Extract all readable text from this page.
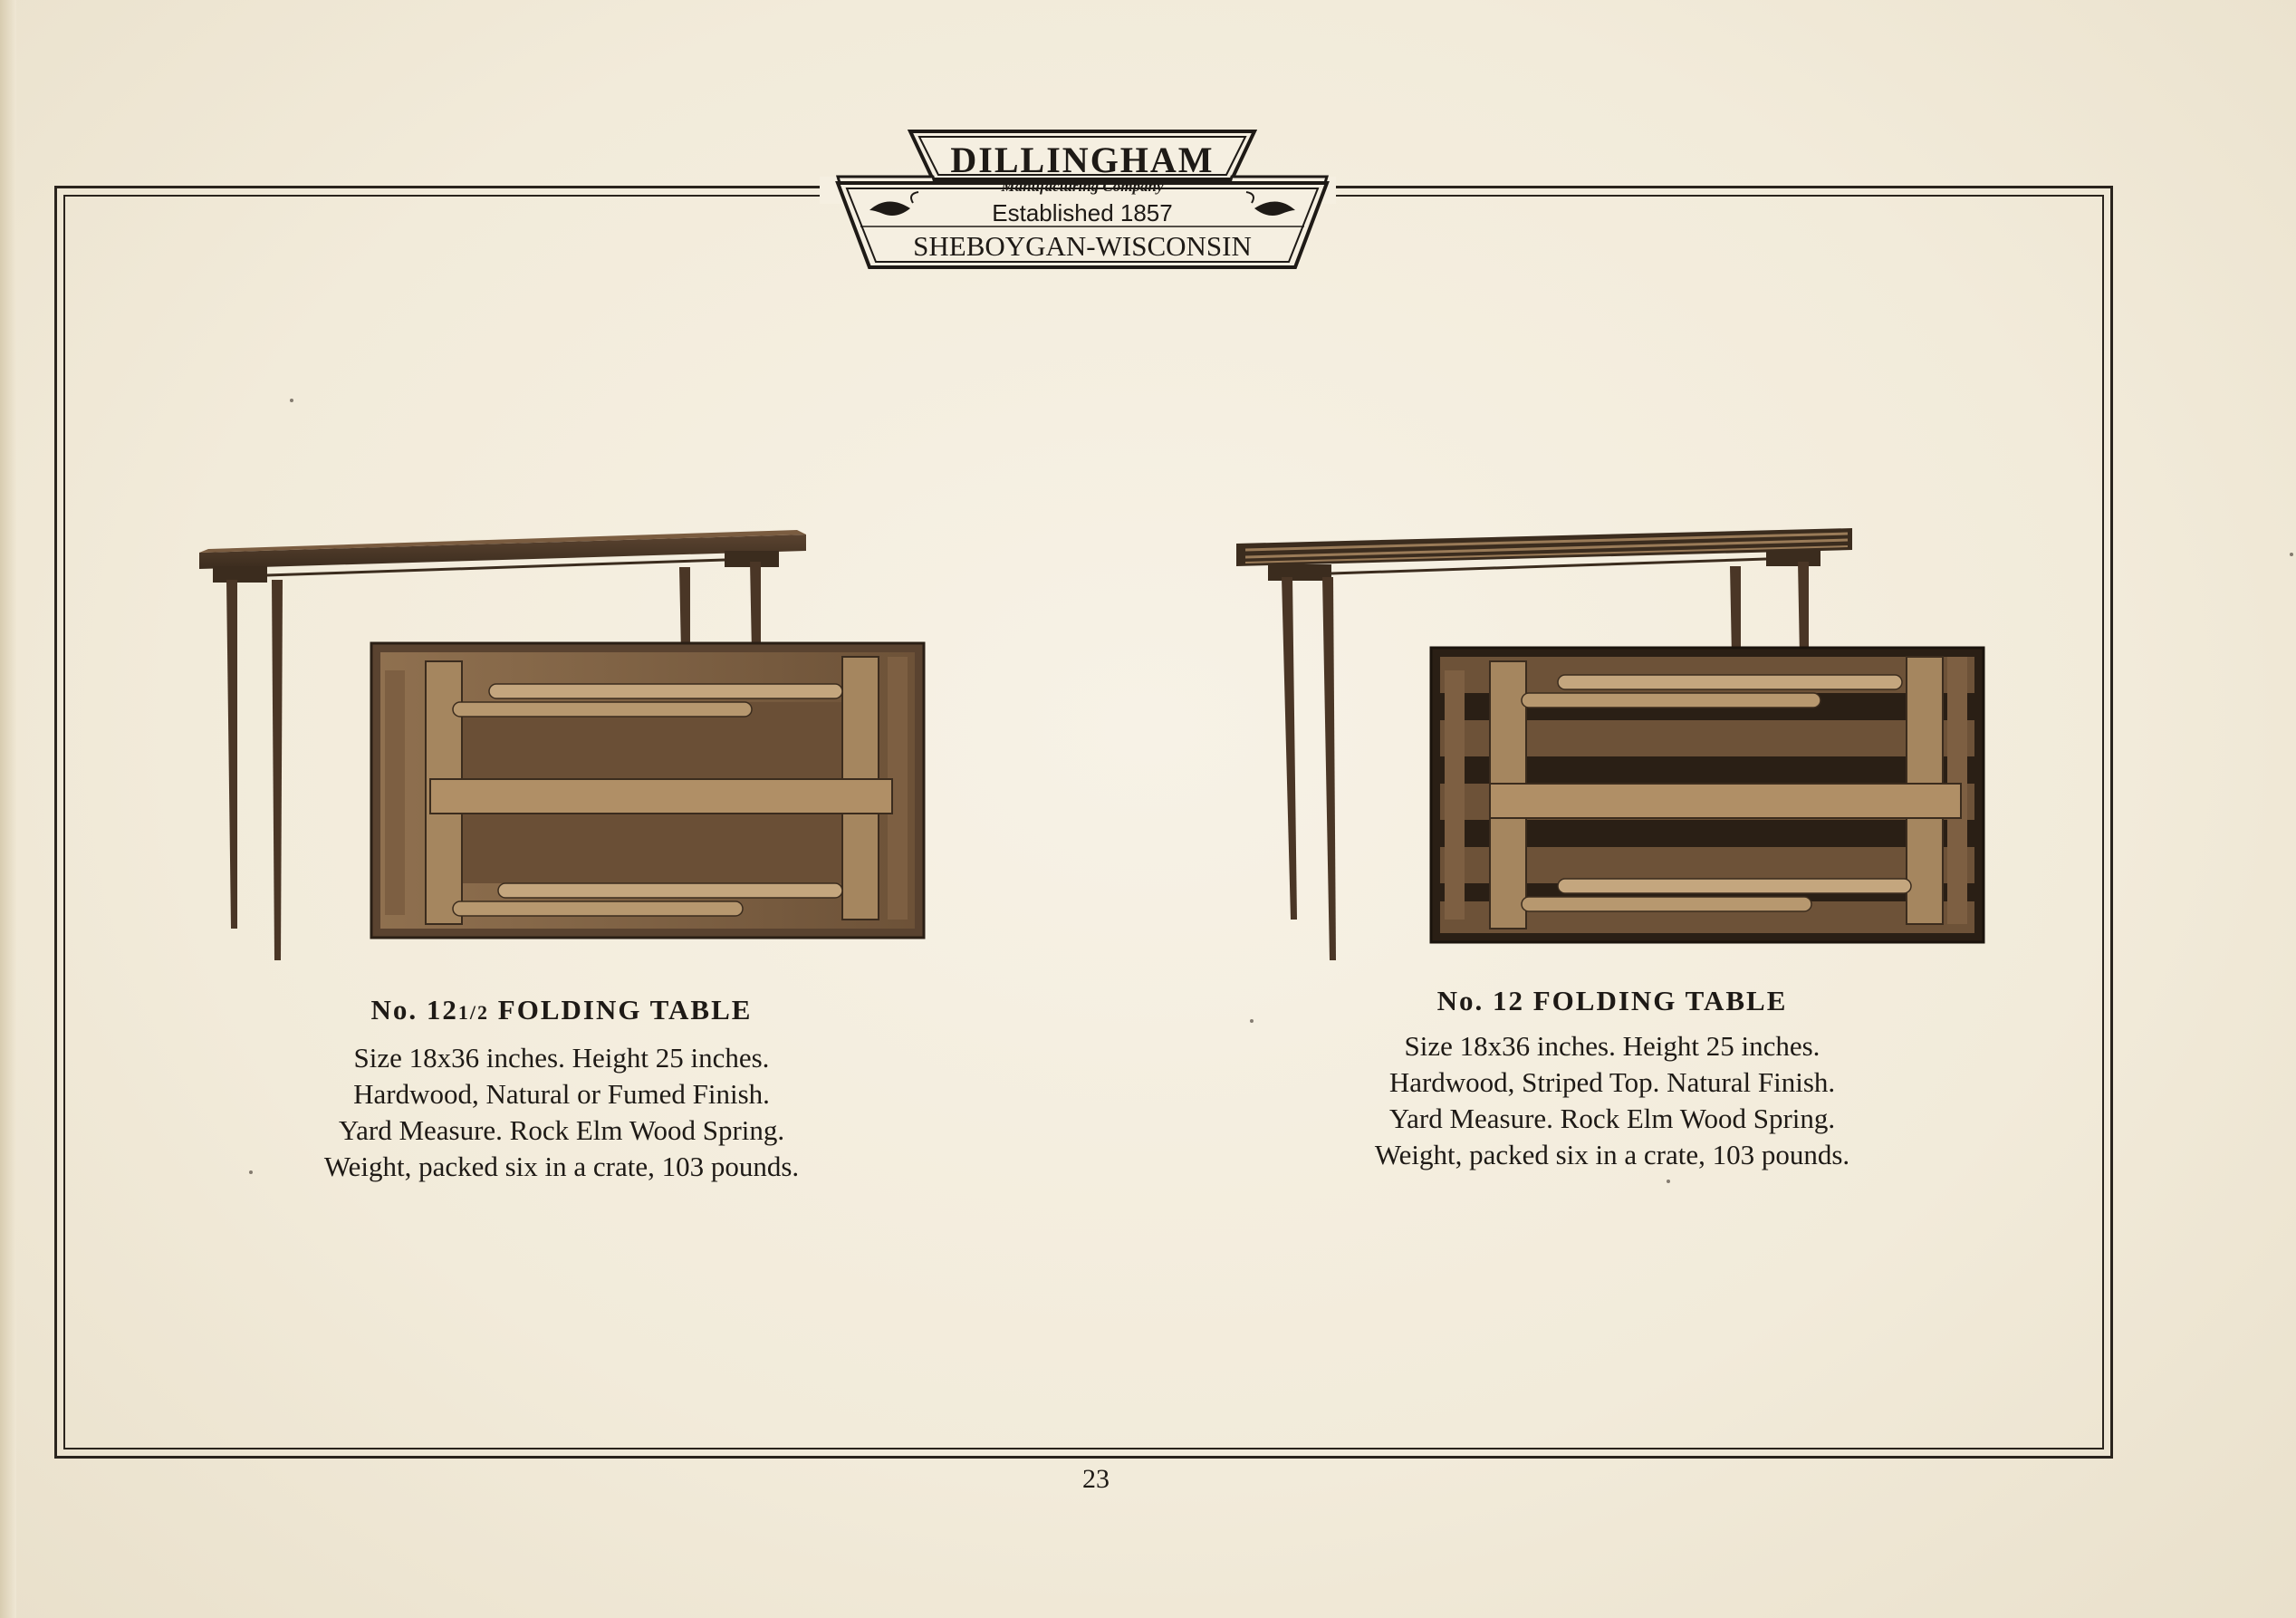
DILLINGHAM
Manufacturing Company
Established 1857
SHEBOYGAN-WISCONSIN
No. 121/2 FOLDING TABLE
Size 18x36 inches. Height 25 inches.
Hardwood, Natural or Fumed Finish.
Yard Measure. Rock Elm Wood Spring.
Weight, packed six in a crate, 103 pounds.
No. 12 FOLDING TABLE
Size 18x36 inches. Height 25 inches.
Hardwood, Striped Top. Natural Finish.
Yard Measure. Rock Elm Wood Spring.
Weight, packed six in a crate, 103 pounds.
23
